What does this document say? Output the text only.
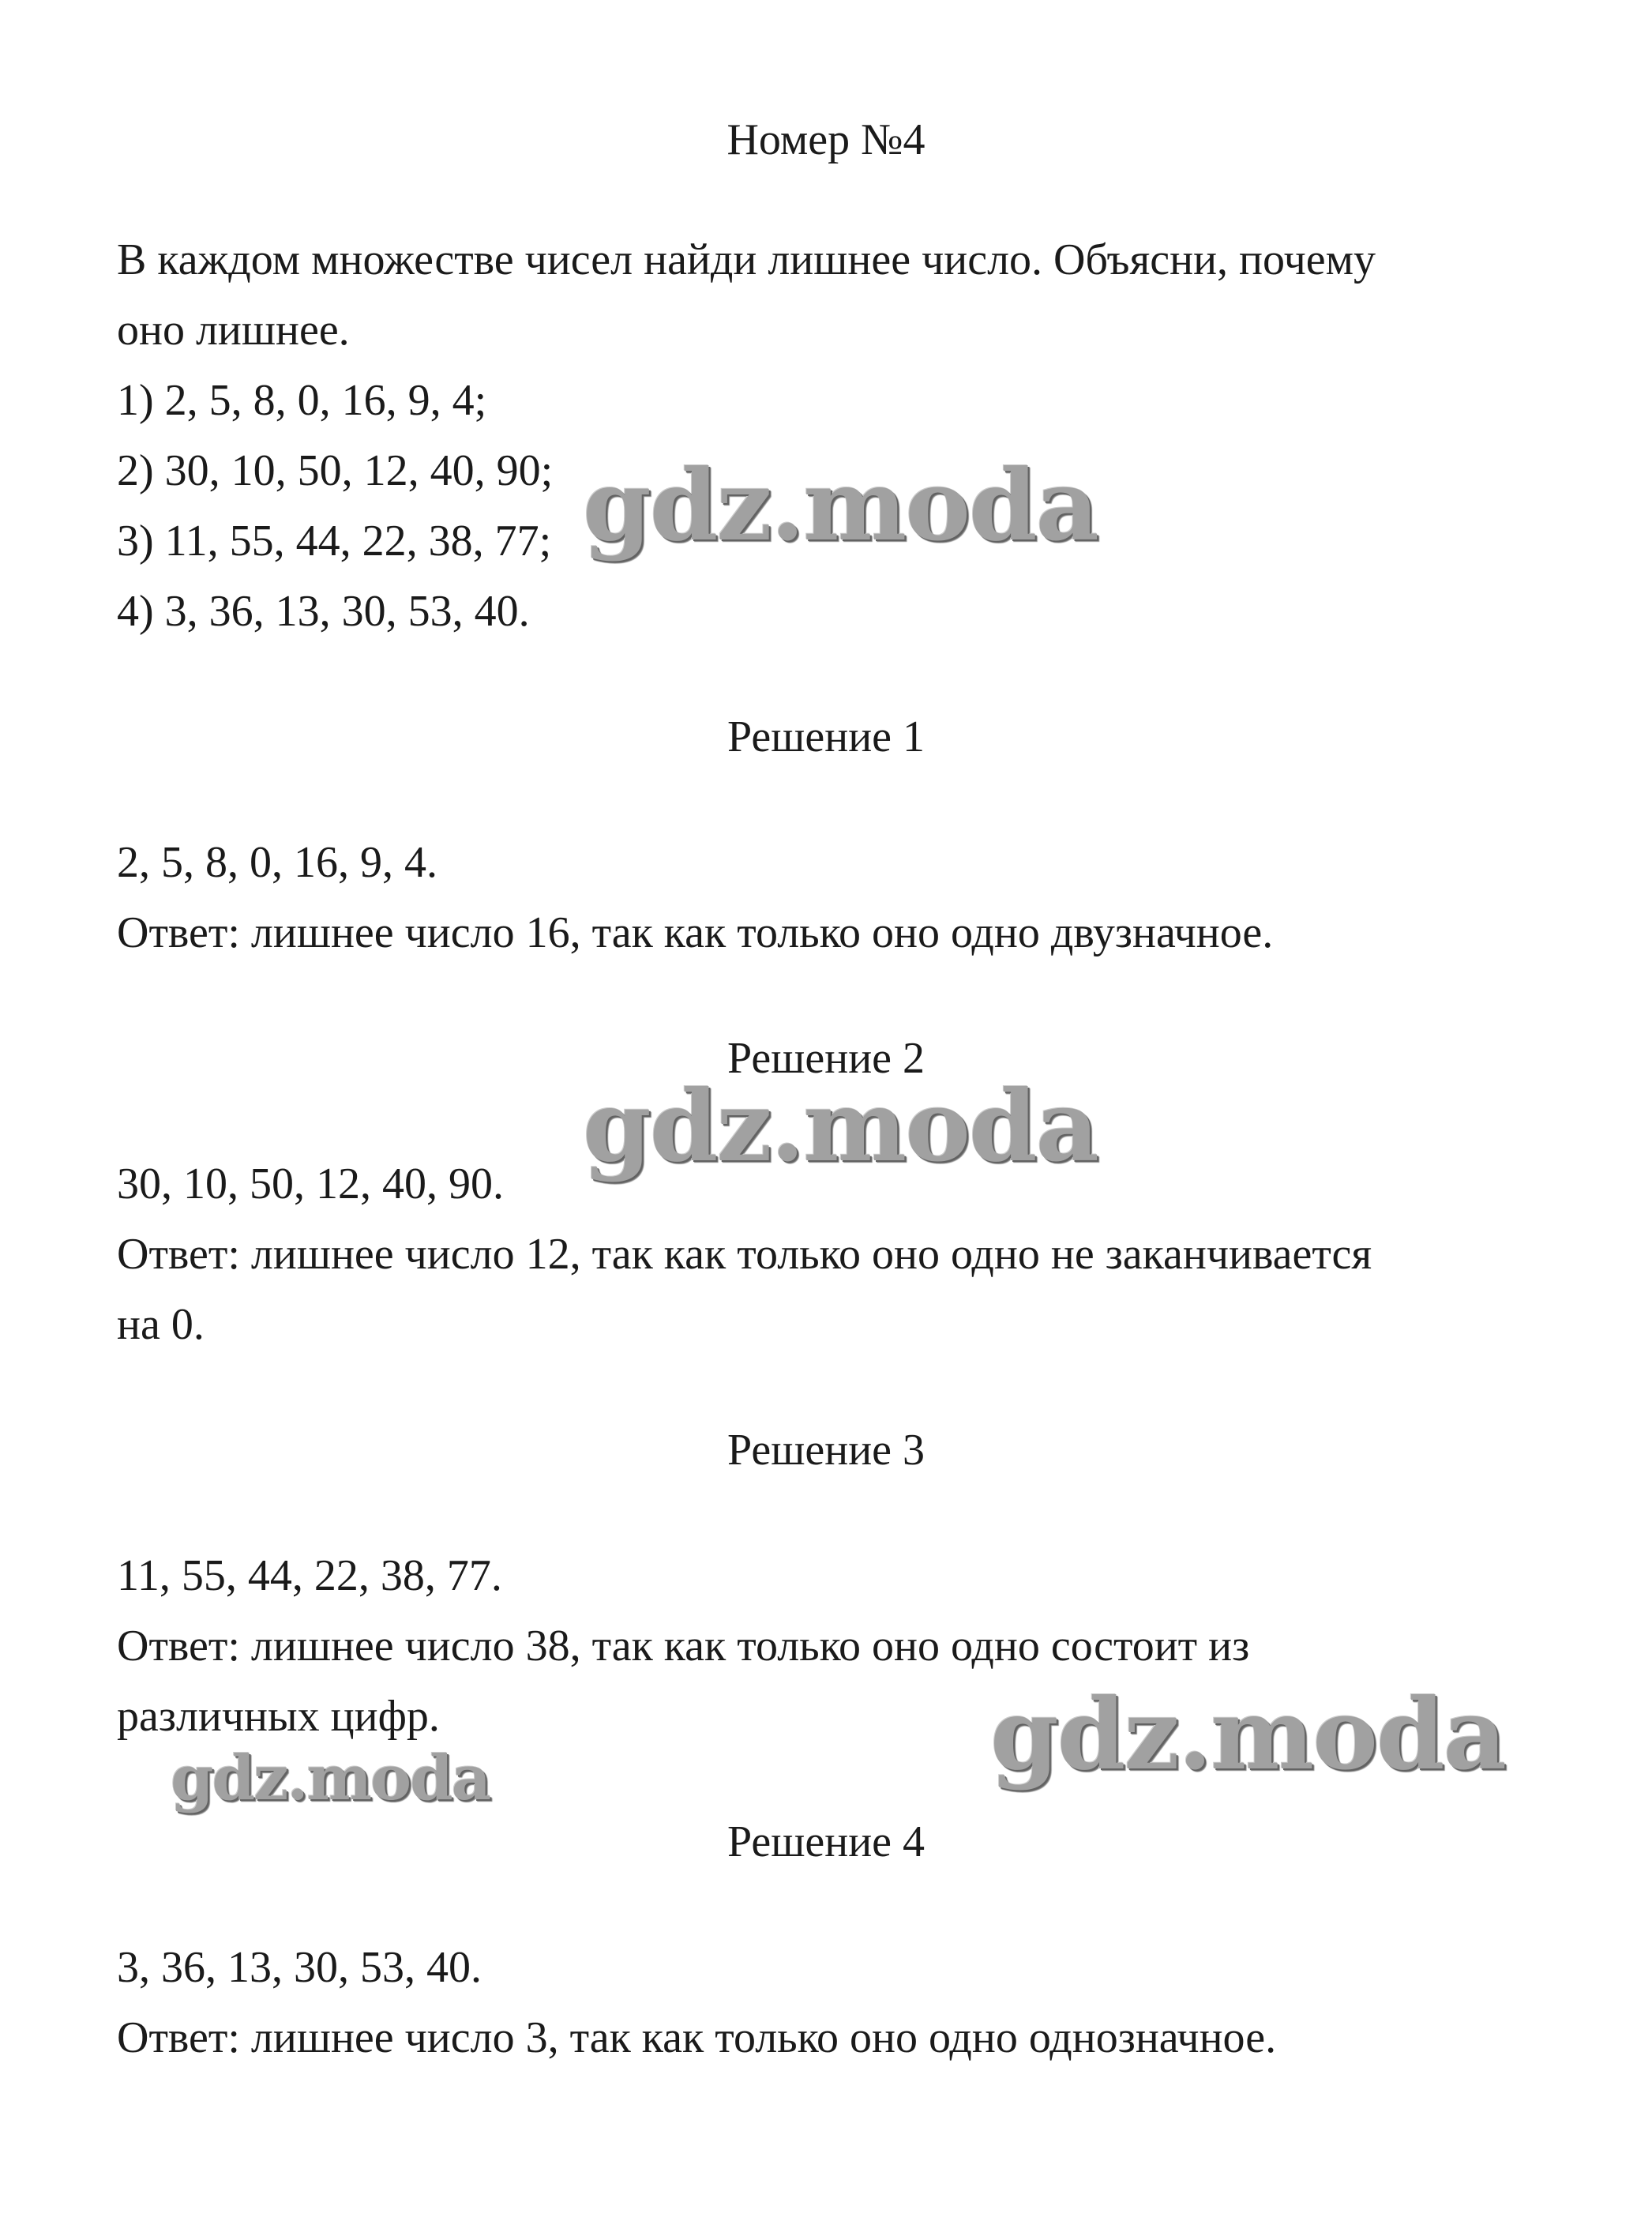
Номер №4
В каждом множестве чисел найди лишнее число. Объясни, почему
оно лишнее.
1) 2, 5, 8, 0, 16, 9, 4;
2) 30, 10, 50, 12, 40, 90;
3) 11, 55, 44, 22, 38, 77;
4) 3, 36, 13, 30, 53, 40.
Решение 1
2, 5, 8, 0, 16, 9, 4.
Ответ: лишнее число 16, так как только оно одно двузначное.
Решение 2
30, 10, 50, 12, 40, 90.
Ответ: лишнее число 12, так как только оно одно не заканчивается
на 0.
Решение 3
11, 55, 44, 22, 38, 77.
Ответ: лишнее число 38, так как только оно одно состоит из
различных цифр.
Решение 4
3, 36, 13, 30, 53, 40.
Ответ: лишнее число 3, так как только оно одно однозначное.
gdz.moda
gdz.moda
gdz.moda
gdz.moda
